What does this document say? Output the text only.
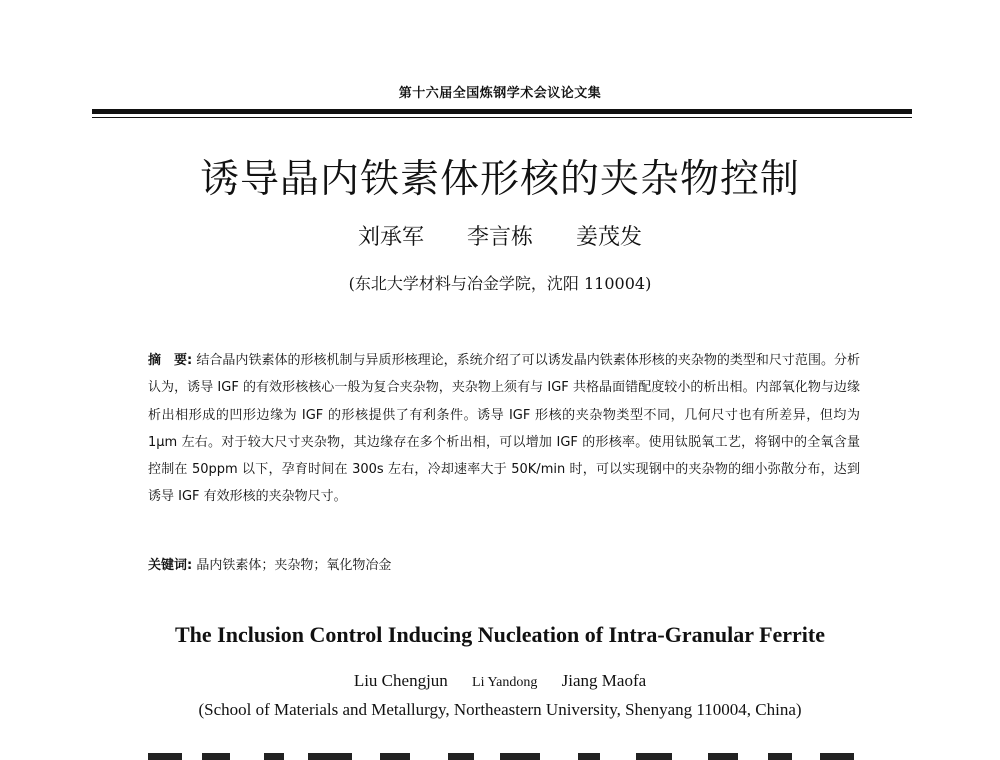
第十六届全国炼钢学术会议论文集
诱导晶内铁素体形核的夹杂物控制
刘承军 李言栋 姜茂发
(东北大学材料与冶金学院，沈阳 110004)
摘　要: 结合晶内铁素体的形核机制与异质形核理论，系统介绍了可以诱发晶内铁素体形核的夹杂物的类型和尺寸范围。分析认为，诱导 IGF 的有效形核核心一般为复合夹杂物，夹杂物上须有与 IGF 共格晶面错配度较小的析出相。内部氧化物与边缘析出相形成的凹形边缘为 IGF 的形核提供了有利条件。诱导 IGF 形核的夹杂物类型不同，几何尺寸也有所差异，但均为 1μm 左右。对于较大尺寸夹杂物，其边缘存在多个析出相，可以增加 IGF 的形核率。使用钛脱氧工艺，将钢中的全氧含量控制在 50ppm 以下，孕育时间在 300s 左右，冷却速率大于 50K/min 时，可以实现钢中的夹杂物的细小弥散分布，达到诱导 IGF 有效形核的夹杂物尺寸。
关键词: 晶内铁素体；夹杂物；氧化物冶金
The Inclusion Control Inducing Nucleation of Intra-Granular Ferrite
Liu Chengjun Li Yandong Jiang Maofa
(School of Materials and Metallurgy, Northeastern University, Shenyang 110004, China)
